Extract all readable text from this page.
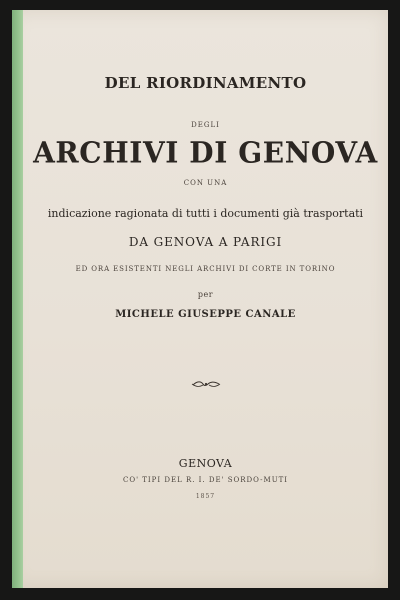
DEL RIORDINAMENTO
DEGLI
ARCHIVI DI GENOVA
CON UNA
indicazione ragionata di tutti i documenti già trasportati
DA GENOVA A PARIGI
ED ORA ESISTENTI NEGLI ARCHIVI DI CORTE IN TORINO
per
MICHELE GIUSEPPE CANALE
GENOVA
CO' TIPI DEL R. I. DE' SORDO-MUTI
1857
